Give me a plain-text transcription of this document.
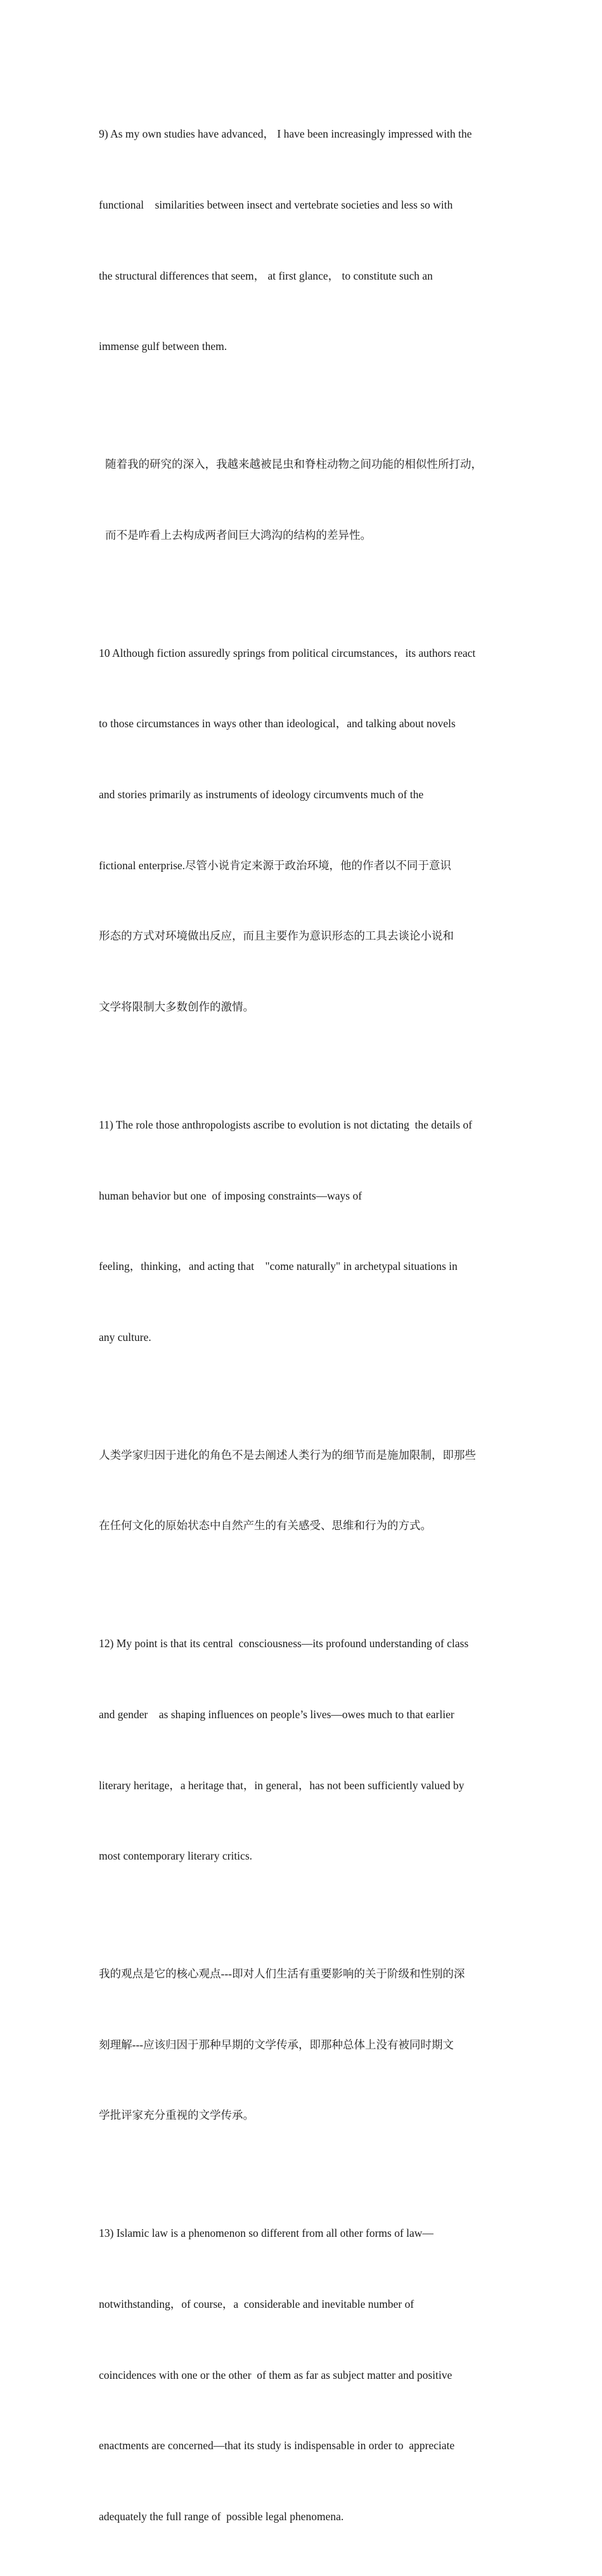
9) As my own studies have advanced， I have been increasingly impressed with the

functional    similarities between insect and vertebrate societies and less so with

the structural differences that seem， at first glance， to constitute such an

immense gulf between them.

随着我的研究的深入，我越来越被昆虫和脊柱动物之间功能的相似性所打动，

而不是咋看上去构成两者间巨大鸿沟的结构的差异性。

10 Although fiction assuredly springs from political circumstances，its authors react

to those circumstances in ways other than ideological，and talking about novels

and stories primarily as instruments of ideology circumvents much of the

fictional enterprise.尽管小说肯定来源于政治环境，他的作者以不同于意识

形态的方式对环境做出反应，而且主要作为意识形态的工具去谈论小说和

文学将限制大多数创作的激情。

11) The role those anthropologists ascribe to evolution is not dictating  the details of

human behavior but one  of imposing constraints—ways of

feeling，thinking，and acting that    "come naturally" in archetypal situations in

any culture.

人类学家归因于进化的角色不是去阐述人类行为的细节而是施加限制，即那些

在任何文化的原始状态中自然产生的有关感受、思维和行为的方式。

12) My point is that its central  consciousness—its profound understanding of class

and gender    as shaping influences on people’s lives—owes much to that earlier

literary heritage，a heritage that，in general，has not been sufficiently valued by

most contemporary literary critics.

我的观点是它的核心观点---即对人们生活有重要影响的关于阶级和性别的深

刻理解---应该归因于那种早期的文学传承，即那种总体上没有被同时期文

学批评家充分重视的文学传承。

13) Islamic law is a phenomenon so different from all other forms of law—

notwithstanding，of course，a  considerable and inevitable number of

coincidences with one or the other  of them as far as subject matter and positive

enactments are concerned—that its study is indispensable in order to  appreciate

adequately the full range of  possible legal phenomena.
